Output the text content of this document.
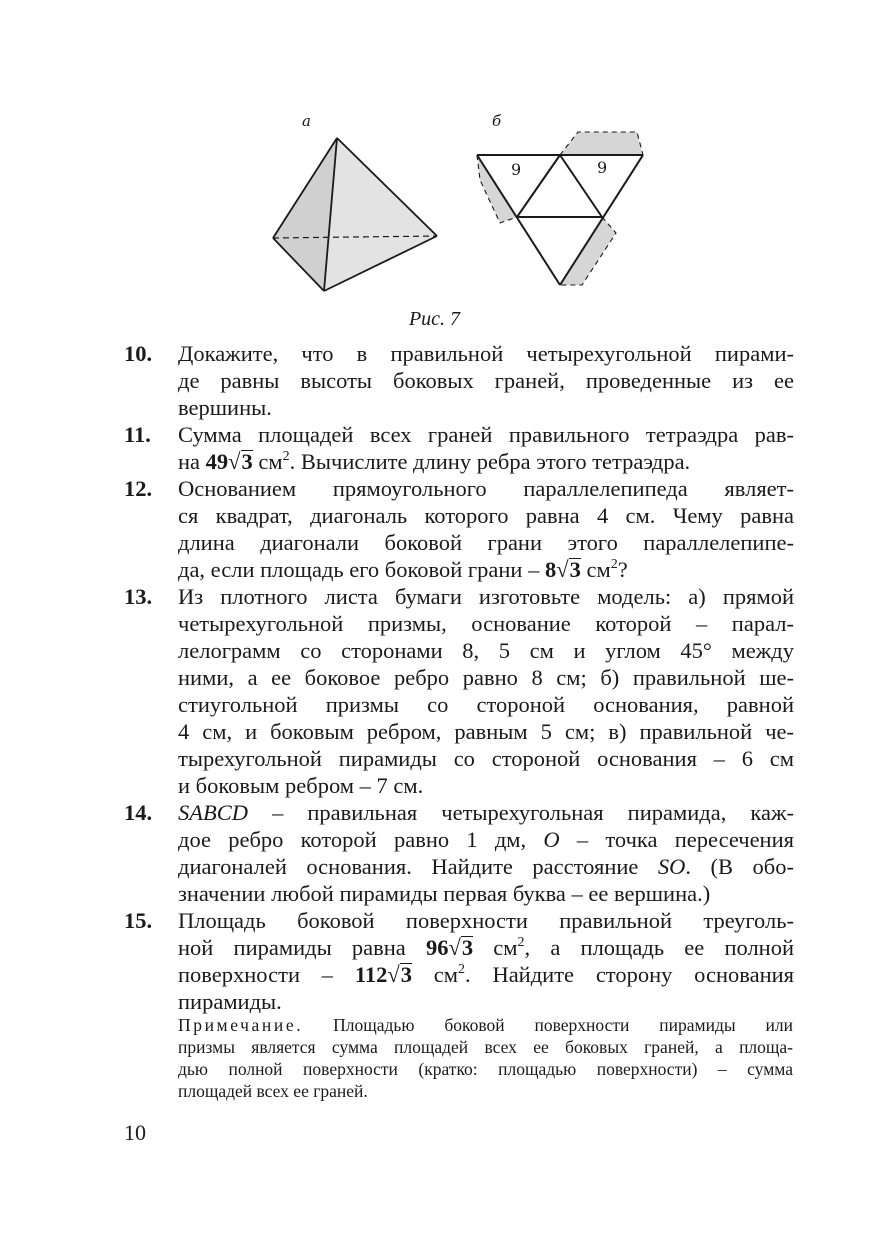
а	б
9	9
Рис. 7
10. Докажите, что в правильной четырехугольной пирами-
де равны высоты боковых граней, проведенные из ее
вершины.
11. Сумма площадей всех граней правильного тетраэдра рав-
на 49√3 $см^2$. Вычислите длину ребра этого тетраэдра.
12. Основанием прямоугольного параллелепипеда являет-
ся квадрат, диагональ которого равна 4 см. Чему равна
длина диагонали боковой грани этого параллелепипе-
да, если площадь его боковой грани – 8√3 $см^2$?
13. Из плотного листа бумаги изготовьте модель: а) прямой
четырехугольной призмы, основание которой – парал-
лелограмм со сторонами 8, 5 см и углом 45° между
ними, а ее боковое ребро равно 8 см; б) правильной ше-
стиугольной призмы со стороной основания, равной
4 см, и боковым ребром, равным 5 см; в) правильной че-
тырехугольной пирамиды со стороной основания – 6 см
и боковым ребром – 7 см.
14. SABCD – правильная четырехугольная пирамида, каж-
дое ребро которой равно 1 дм, O – точка пересечения
диагоналей основания. Найдите расстояние SO. (В обо-
значении любой пирамиды первая буква – ее вершина.)
15. Площадь боковой поверхности правильной треуголь-
ной пирамиды равна 96√3 $см^2$, а площадь ее полной
поверхности – 112√3 $см^2$. Найдите сторону основания
пирамиды.
Примечание. Площадью боковой поверхности пирамиды или
призмы является сумма площадей всех ее боковых граней, а площа-
дью полной поверхности (кратко: площадью поверхности) – сумма
площадей всех ее граней.
10
